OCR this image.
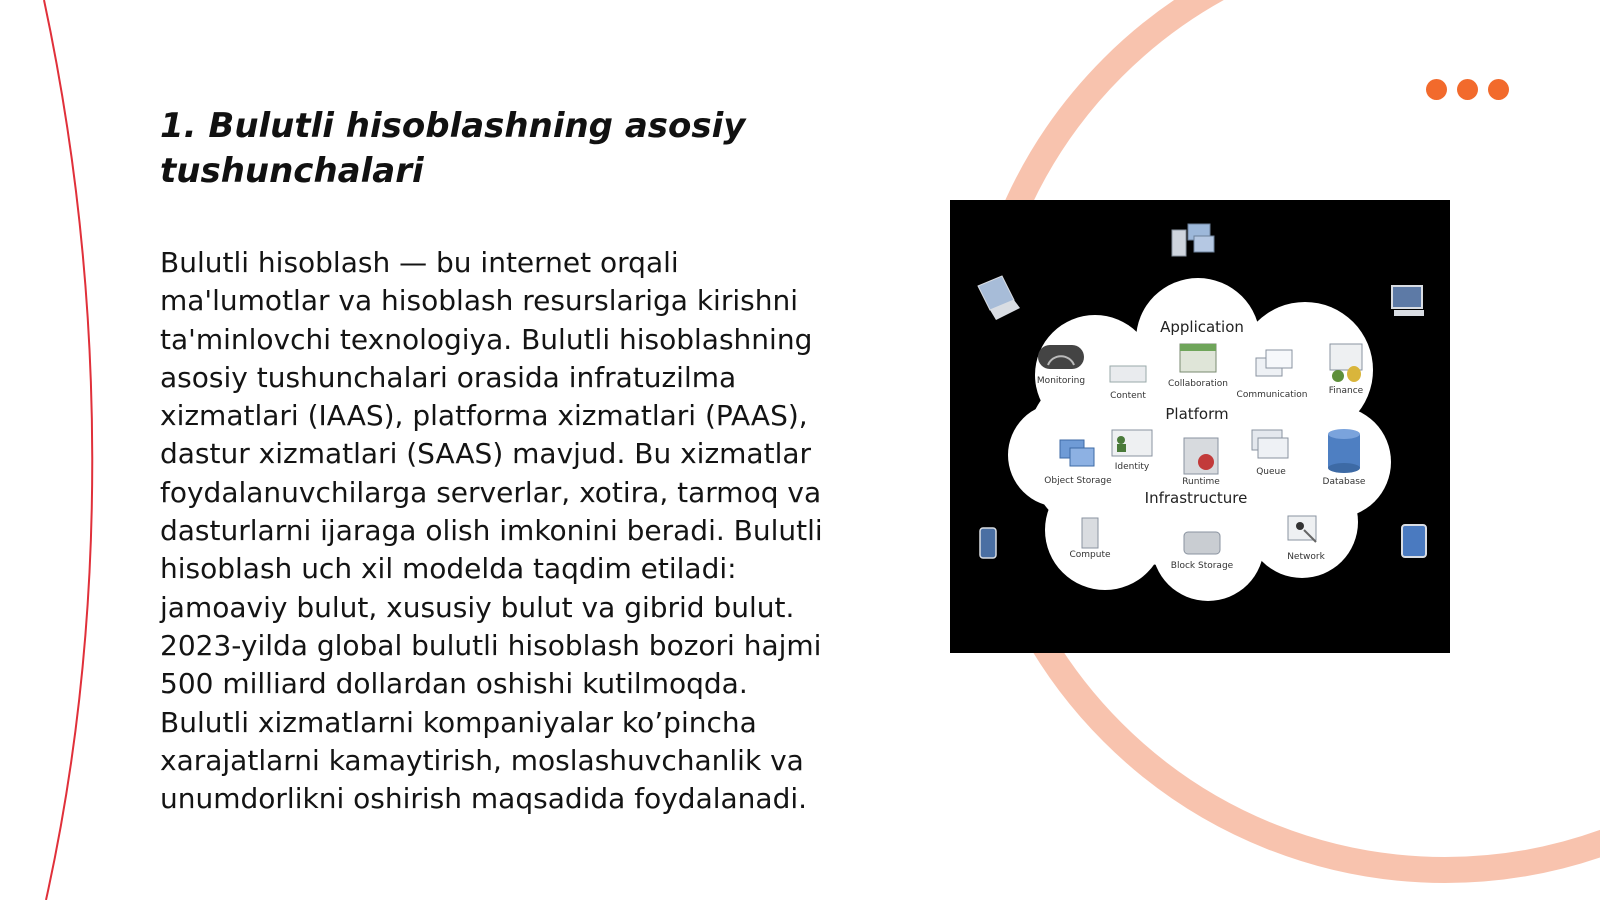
1. Bulutli hisoblashning asosiy tushunchalari

Bulutli hisoblash — bu internet orqali ma'lumotlar va hisoblash resurslariga kirishni ta'minlovchi texnologiya. Bulutli hisoblashning asosiy tushunchalari orasida infratuzilma xizmatlari (IAAS), platforma xizmatlari (PAAS), dastur xizmatlari (SAAS) mavjud. Bu xizmatlar foydalanuvchilarga serverlar, xotira, tarmoq va dasturlarni ijaraga olish imkonini beradi. Bulutli hisoblash uch xil modelda taqdim etiladi: jamoaviy bulut, xususiy bulut va gibrid bulut. 2023-yilda global bulutli hisoblash bozori hajmi 500 milliard dollardan oshishi kutilmoqda. Bulutli xizmatlarni kompaniyalar ko’pincha xarajatlarni kamaytirish, moslashuvchanlik va unumdorlikni oshirish maqsadida foydalanadi.

Application
Platform
Infrastructure
Monitoring
Content
Collaboration
Communication Finance
Object Storage
Identity
Runtime
Queue
Database
Compute
Block Storage
Network
